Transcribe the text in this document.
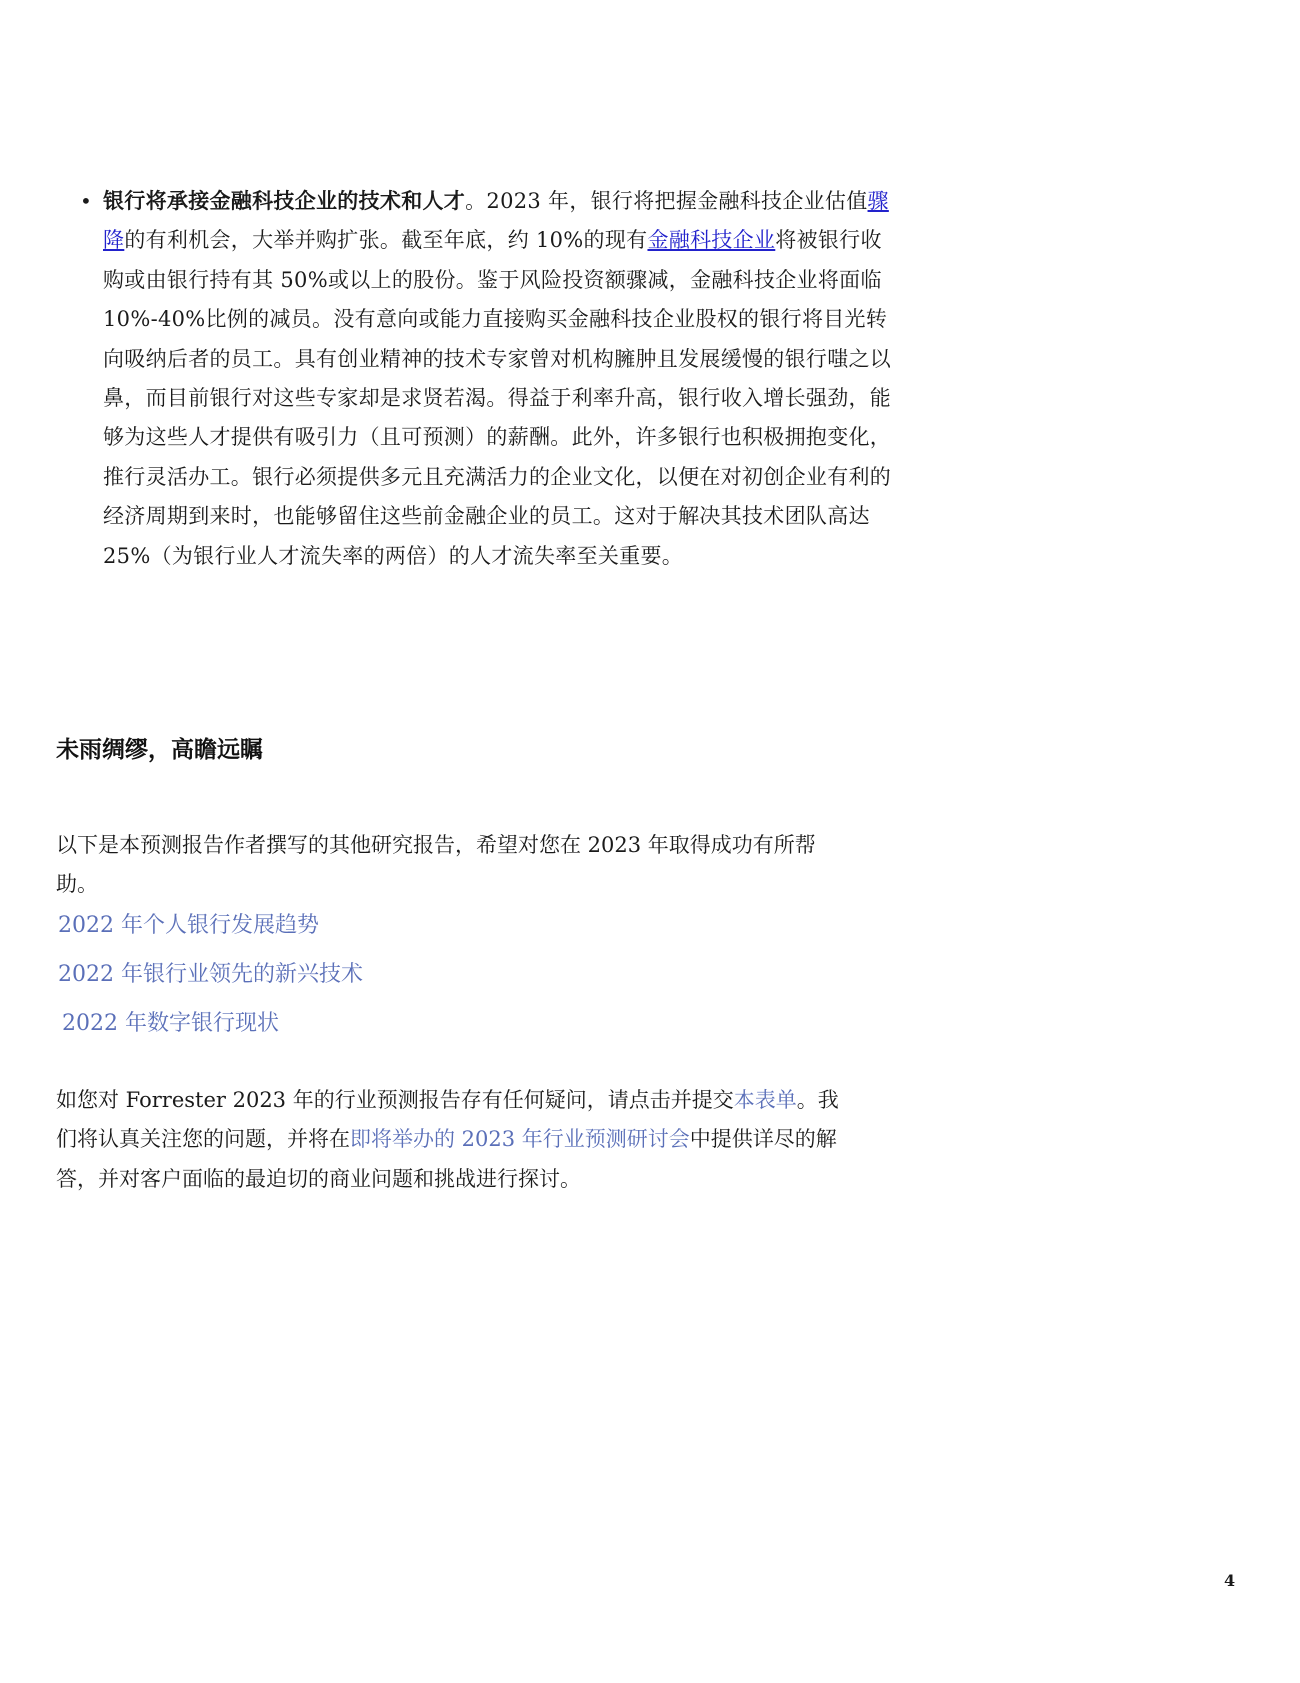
• 银行将承接金融科技企业的技术和人才。2023 年，银行将把握金融科技企业估值骤降的有利机会，大举并购扩张。截至年底，约 10%的现有金融科技企业将被银行收购或由银行持有其 50%或以上的股份。鉴于风险投资额骤减，金融科技企业将面临 10%-40%比例的减员。没有意向或能力直接购买金融科技企业股权的银行将目光转向吸纳后者的员工。具有创业精神的技术专家曾对机构臃肿且发展缓慢的银行嗤之以鼻，而目前银行对这些专家却是求贤若渴。得益于利率升高，银行收入增长强劲，能够为这些人才提供有吸引力（且可预测）的薪酬。此外，许多银行也积极拥抱变化，推行灵活办工。银行必须提供多元且充满活力的企业文化，以便在对初创企业有利的经济周期到来时，也能够留住这些前金融企业的员工。这对于解决其技术团队高达 25%（为银行业人才流失率的两倍）的人才流失率至关重要。
未雨绸缪，高瞻远瞩
以下是本预测报告作者撰写的其他研究报告，希望对您在 2023 年取得成功有所帮助。
2022 年个人银行发展趋势
2022 年银行业领先的新兴技术
2022 年数字银行现状
如您对 Forrester 2023 年的行业预测报告存有任何疑问，请点击并提交本表单。我们将认真关注您的问题，并将在即将举办的 2023 年行业预测研讨会中提供详尽的解答，并对客户面临的最迫切的商业问题和挑战进行探讨。
4
